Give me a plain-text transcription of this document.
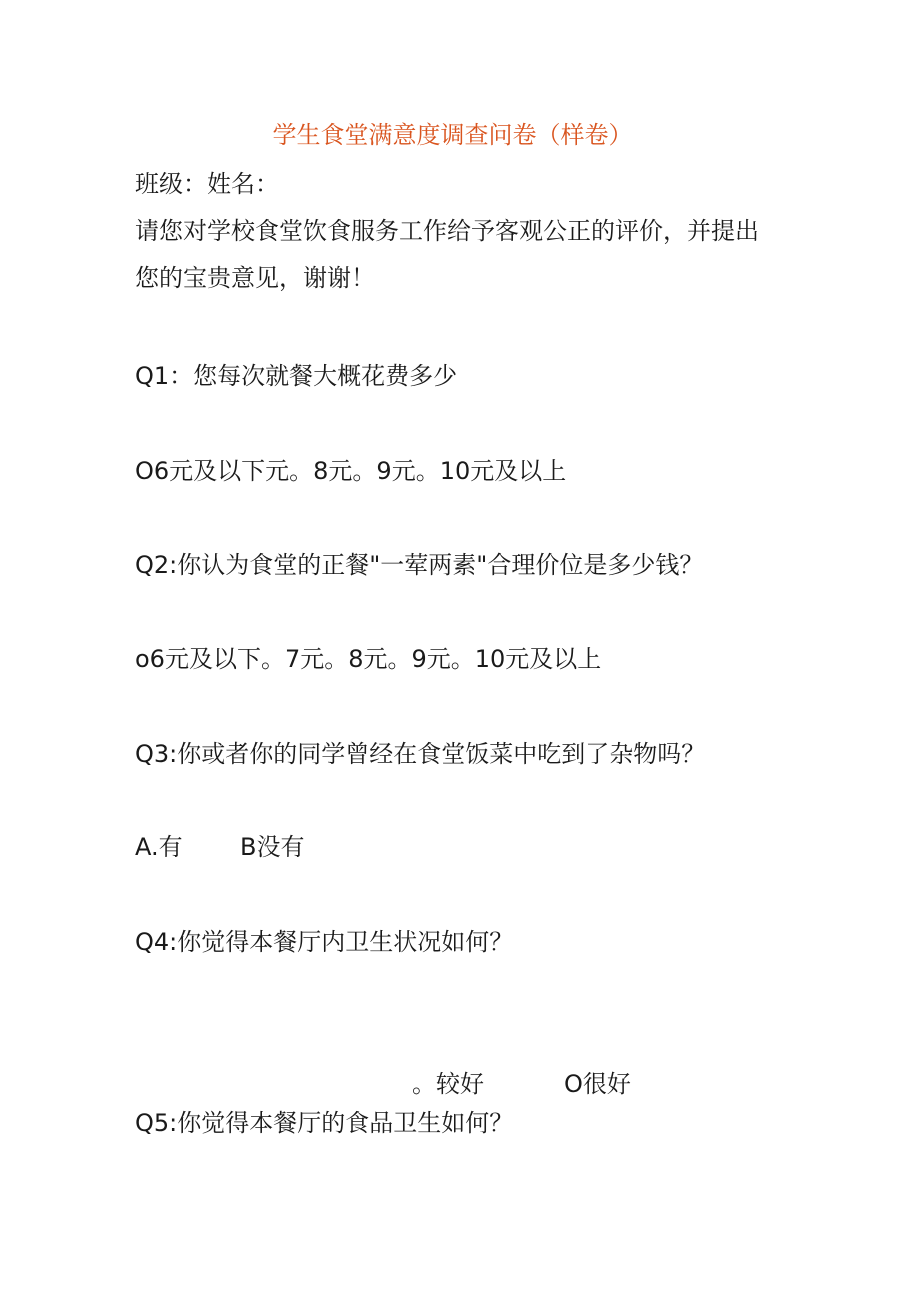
学生食堂满意度调查问卷（样卷）
班级：姓名：
请您对学校食堂饮食服务工作给予客观公正的评价，并提出
您的宝贵意见，谢谢！
Q1：您每次就餐大概花费多少
O6元及以下元。8元。9元。10元及以上
Q2:你认为食堂的正餐"一荤两素"合理价位是多少钱？
o6元及以下。7元。8元。9元。10元及以上
Q3:你或者你的同学曾经在食堂饭菜中吃到了杂物吗？
A.有 B没有
Q4:你觉得本餐厅内卫生状况如何？
。较好	O很好
Q5:你觉得本餐厅的食品卫生如何？
